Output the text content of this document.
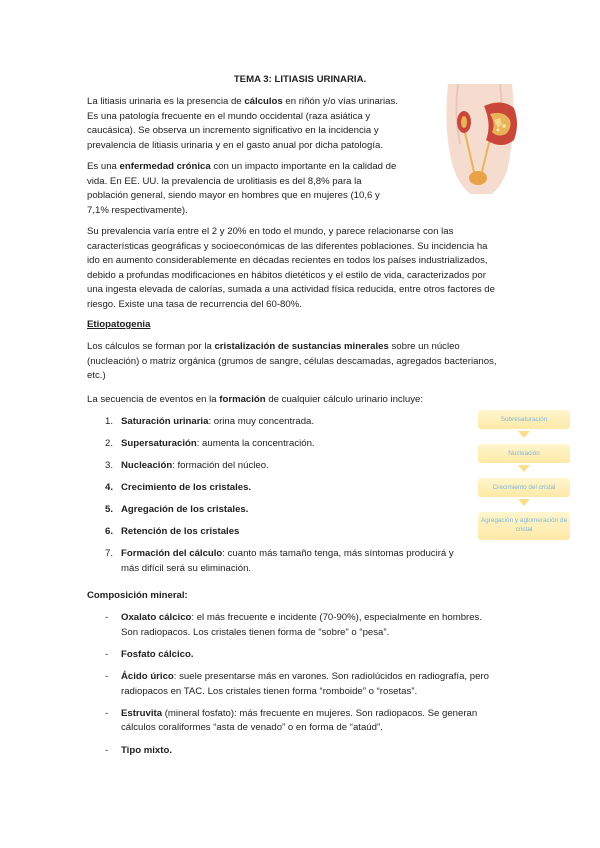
TEMA 3: LITIASIS URINARIA.

La litiasis urinaria es la presencia de cálculos en riñón y/o vías urinarias.

Es una patología frecuente en el mundo occidental (raza asiática y

caucásica). Se observa un incremento significativo en la incidencia y

prevalencia de litiasis urinaria y en el gasto anual por dicha patología.

Es una enfermedad crónica con un impacto importante en la calidad de

vida. En EE. UU. la prevalencia de urolitiasis es del 8,8% para la

población general, siendo mayor en hombres que en mujeres (10,6 y

7,1% respectivamente).

Su prevalencia varía entre el 2 y 20% en todo el mundo, y parece relacionarse con las

características geográficas y socioeconómicas de las diferentes poblaciones. Su incidencia ha

ido en aumento considerablemente en décadas recientes en todos los países industrializados,

debido a profundas modificaciones en hábitos dietéticos y el estilo de vida, caracterizados por

una ingesta elevada de calorías, sumada a una actividad física reducida, entre otros factores de

riesgo. Existe una tasa de recurrencia del 60-80%.

Etiopatogenia

Los cálculos se forman por la cristalización de sustancias minerales sobre un núcleo

(nucleación) o matriz orgánica (grumos de sangre, células descamadas, agregados bacterianos,

etc.)

La secuencia de eventos en la formación de cualquier cálculo urinario incluye:

1. Saturación urinaria: orina muy concentrada.
2. Supersaturación: aumenta la concentración.
3. Nucleación: formación del núcleo.
4. Crecimiento de los cristales.
5. Agregación de los cristales.
6. Retención de los cristales
7. Formación del cálculo: cuanto más tamaño tenga, más síntomas producirá y
más difícil será su eliminación.
Sobresaturación
Nucleación
Crecimiento del cristal
Agregación y aglomeración de cristal
Composición mineral:
- Oxalato cálcico: el más frecuente e incidente (70-90%), especialmente en hombres.
Son radiopacos. Los cristales tienen forma de “sobre” o “pesa”.
- Fosfato cálcico.
- Ácido úrico: suele presentarse más en varones. Son radiolúcidos en radiografía, pero
radiopacos en TAC. Los cristales tienen forma “romboide” o “rosetas”.
- Estruvita (mineral fosfato): más frecuente en mujeres. Son radiopacos. Se generan
cálculos coraliformes “asta de venado” o en forma de “ataúd”.
- Tipo mixto.
